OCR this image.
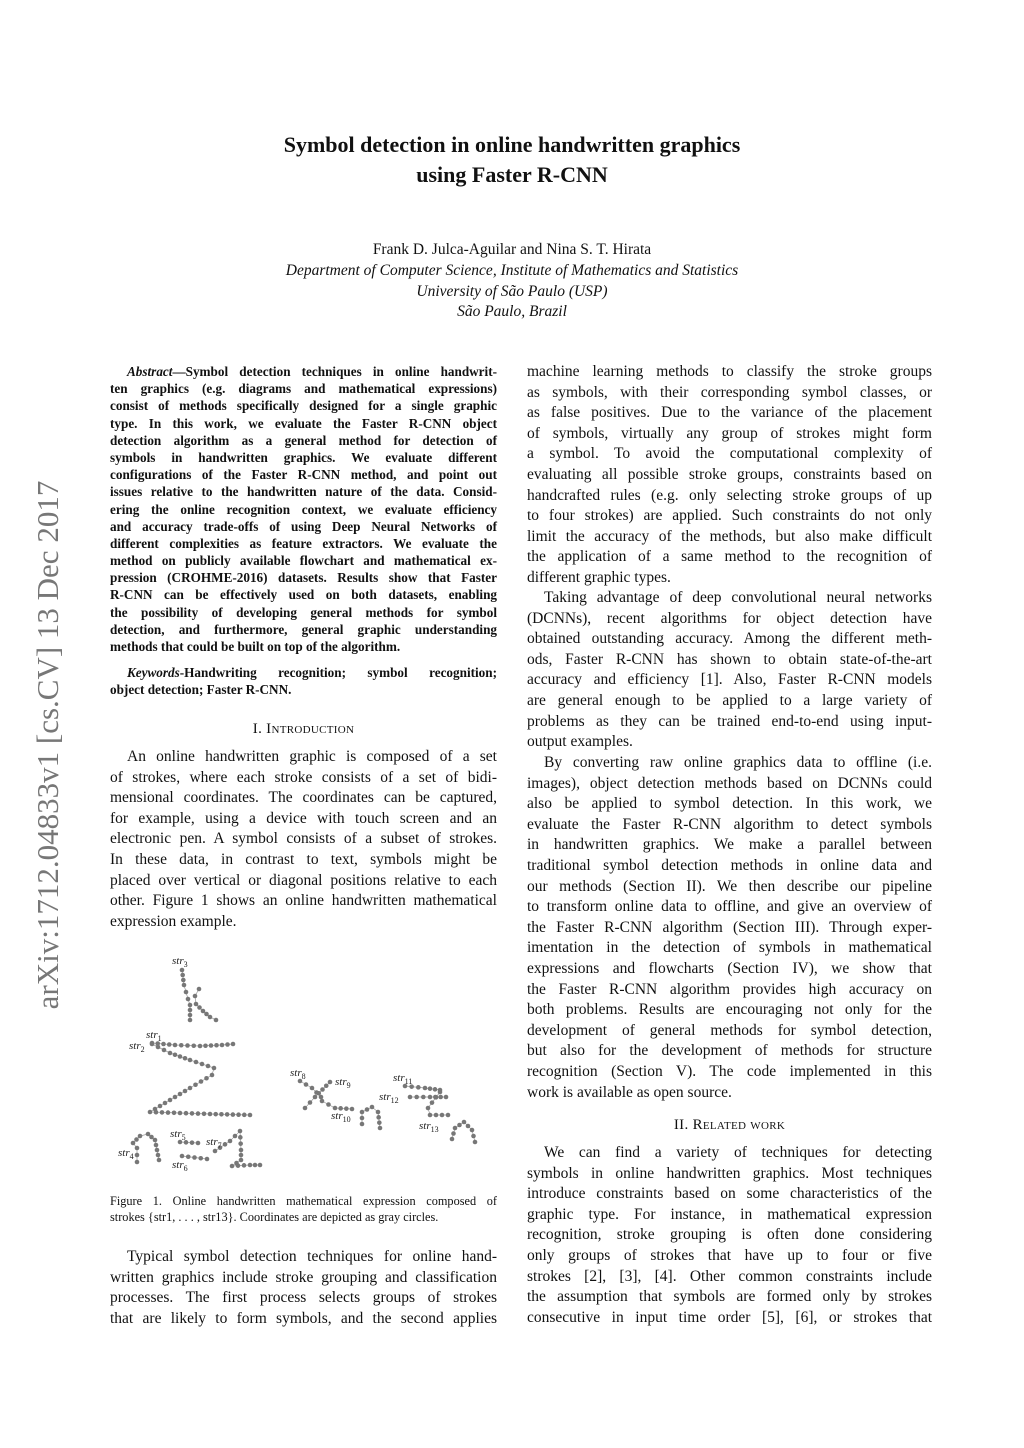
arXiv:1712.04833v1 [cs.CV] 13 Dec 2017
Symbol detection in online handwritten graphics
using Faster R-CNN
Frank D. Julca-Aguilar and Nina S. T. Hirata
Department of Computer Science, Institute of Mathematics and Statistics
University of São Paulo (USP)
São Paulo, Brazil
Abstract—Symbol detection techniques in online handwrit-
ten graphics (e.g. diagrams and mathematical expressions)
consist of methods specifically designed for a single graphic
type. In this work, we evaluate the Faster R-CNN object
detection algorithm as a general method for detection of
symbols in handwritten graphics. We evaluate different
configurations of the Faster R-CNN method, and point out
issues relative to the handwritten nature of the data. Consid-
ering the online recognition context, we evaluate efficiency
and accuracy trade-offs of using Deep Neural Networks of
different complexities as feature extractors. We evaluate the
method on publicly available flowchart and mathematical ex-
pression (CROHME-2016) datasets. Results show that Faster
R-CNN can be effectively used on both datasets, enabling
the possibility of developing general methods for symbol
detection, and furthermore, general graphic understanding
methods that could be built on top of the algorithm.
Keywords-Handwriting recognition; symbol recognition;
object detection; Faster R-CNN.
I. Introduction
An online handwritten graphic is composed of a set
of strokes, where each stroke consists of a set of bidi-
mensional coordinates. The coordinates can be captured,
for example, using a device with touch screen and an
electronic pen. A symbol consists of a subset of strokes.
In these data, in contrast to text, symbols might be
placed over vertical or diagonal positions relative to each
other. Figure 1 shows an online handwritten mathematical
expression example.
str$_1$
str$_2$
str$_3$
str$_4$
str$_5$
str$_6$
str$_7$
str$_8$	str$_9$
str$_{10}$
str$_{11}$
str$_{12}$
str$_{13}$
Figure 1. Online handwritten mathematical expression composed of
strokes {str1, . . . , str13}. Coordinates are depicted as gray circles.
Typical symbol detection techniques for online hand-
written graphics include stroke grouping and classification
processes. The first process selects groups of strokes
that are likely to form symbols, and the second applies
machine learning methods to classify the stroke groups
as symbols, with their corresponding symbol classes, or
as false positives. Due to the variance of the placement
of symbols, virtually any group of strokes might form
a symbol. To avoid the computational complexity of
evaluating all possible stroke groups, constraints based on
handcrafted rules (e.g. only selecting stroke groups of up
to four strokes) are applied. Such constraints do not only
limit the accuracy of the methods, but also make difficult
the application of a same method to the recognition of
different graphic types.
Taking advantage of deep convolutional neural networks
(DCNNs), recent algorithms for object detection have
obtained outstanding accuracy. Among the different meth-
ods, Faster R-CNN has shown to obtain state-of-the-art
accuracy and efficiency [1]. Also, Faster R-CNN models
are general enough to be applied to a large variety of
problems as they can be trained end-to-end using input-
output examples.
By converting raw online graphics data to offline (i.e.
images), object detection methods based on DCNNs could
also be applied to symbol detection. In this work, we
evaluate the Faster R-CNN algorithm to detect symbols
in handwritten graphics. We make a parallel between
traditional symbol detection methods in online data and
our methods (Section II). We then describe our pipeline
to transform online data to offline, and give an overview of
the Faster R-CNN algorithm (Section III). Through exper-
imentation in the detection of symbols in mathematical
expressions and flowcharts (Section IV), we show that
the Faster R-CNN algorithm provides high accuracy on
both problems. Results are encouraging not only for the
development of general methods for symbol detection,
but also for the development of methods for structure
recognition (Section V). The code implemented in this
work is available as open source.
II. Related work
We can find a variety of techniques for detecting
symbols in online handwritten graphics. Most techniques
introduce constraints based on some characteristics of the
graphic type. For instance, in mathematical expression
recognition, stroke grouping is often done considering
only groups of strokes that have up to four or five
strokes [2], [3], [4]. Other common constraints include
the assumption that symbols are formed only by strokes
consecutive in input time order [5], [6], or strokes that
